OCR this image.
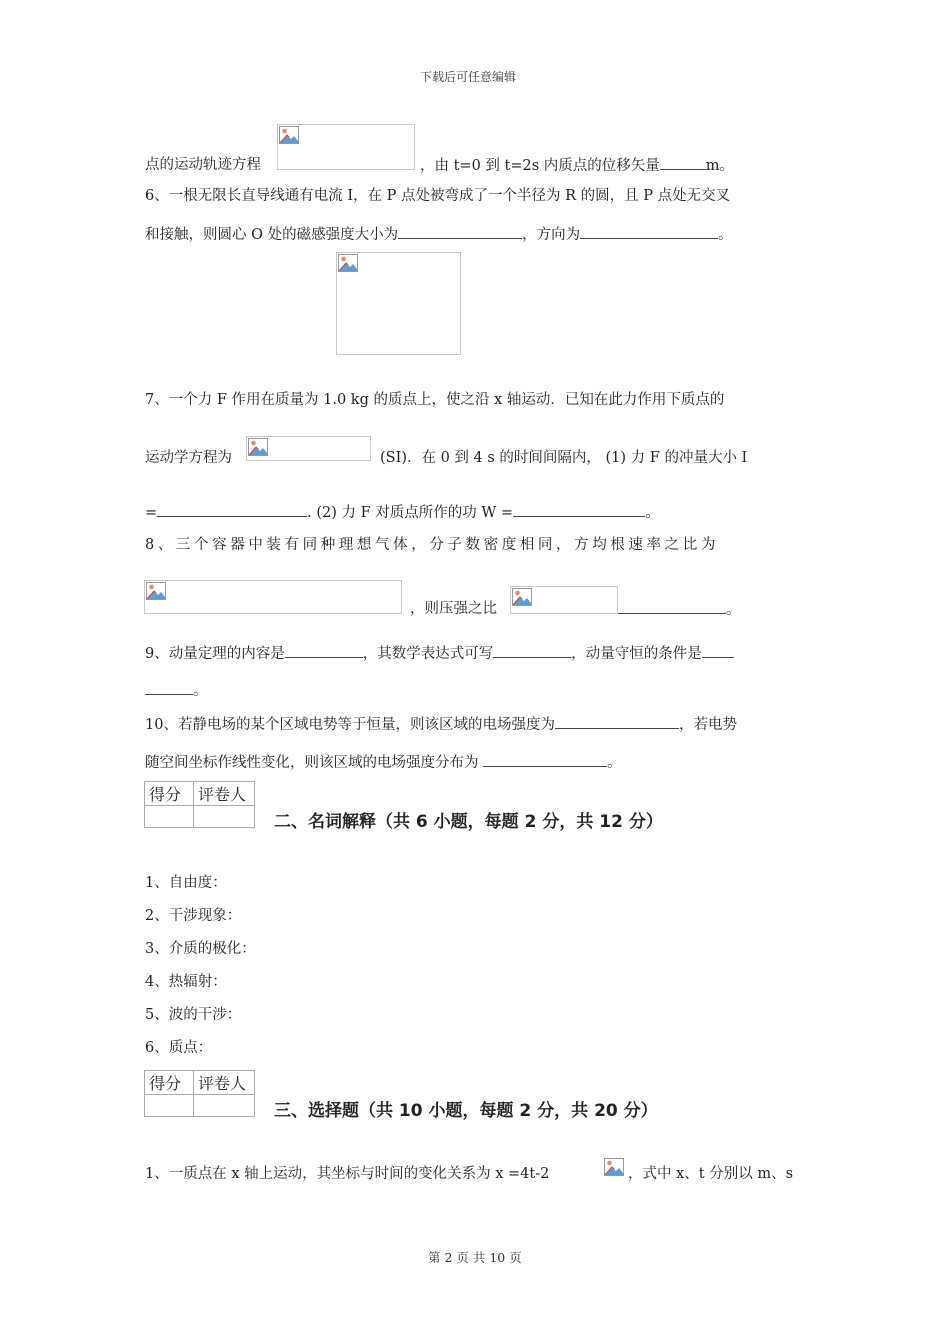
下载后可任意编辑
点的运动轨迹方程	，由 t=0 到 t=2s 内质点的位移矢量	m。
6、一根无限长直导线通有电流 I，在 P 点处被弯成了一个半径为 R 的圆，且 P 点处无交叉
和接触，则圆心 O 处的磁感强度大小为	，方向为	。
7、一个力 F 作用在质量为 1.0 kg 的质点上，使之沿 x 轴运动．已知在此力作用下质点的
运动学方程为	(SI)．在 0 到 4 s 的时间间隔内， (1) 力 F 的冲量大小 I
=	. (2) 力 F 对质点所作的功 W =	。
8、三个容器中装有同种理想气体，分子数密度相同，方均根速率之比为
，则压强之比	。
9、动量定理的内容是	，其数学表达式可写	，动量守恒的条件是
。
10、若静电场的某个区域电势等于恒量，则该区域的电场强度为	，若电势
随空间坐标作线性变化，则该区域的电场强度分布为	。
得分	评卷人

二、名词解释（共 6 小题，每题 2 分，共 12 分）
1、自由度：
2、干涉现象：
3、介质的极化：
4、热辐射：
5、波的干涉：
6、质点：
得分	评卷人

三、选择题（共 10 小题，每题 2 分，共 20 分）
1、一质点在 x 轴上运动，其坐标与时间的变化关系为 x =4t-2	，式中 x、t 分别以 m、s
第 2 页 共 10 页
